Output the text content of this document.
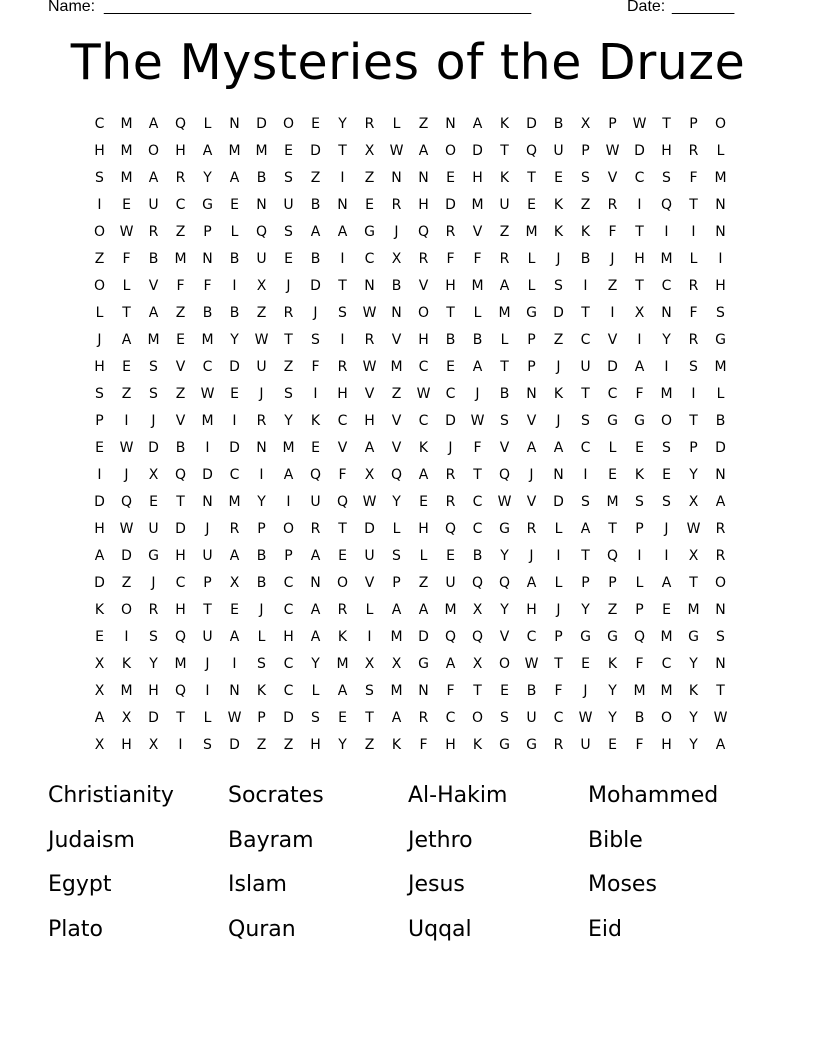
Name: ________________________________________________	Date: _______
The Mysteries of the Druze
C	M	A	Q	L	N	D	O	E	Y	R	L	Z	N	A	K	D	B	X	P	W	T	P	O
H	M	O	H	A	M	M	E	D	T	X	W	A	O	D	T	Q	U	P	W	D	H	R	L
S	M	A	R	Y	A	B	S	Z	I	Z	N	N	E	H	K	T	E	S	V	C	S	F	M
I	E	U	C	G	E	N	U	B	N	E	R	H	D	M	U	E	K	Z	R	I	Q	T	N
O	W	R	Z	P	L	Q	S	A	A	G	J	Q	R	V	Z	M	K	K	F	T	I	I	N
Z	F	B	M	N	B	U	E	B	I	C	X	R	F	F	R	L	J	B	J	H	M	L	I
O	L	V	F	F	I	X	J	D	T	N	B	V	H	M	A	L	S	I	Z	T	C	R	H
L	T	A	Z	B	B	Z	R	J	S	W	N	O	T	L	M	G	D	T	I	X	N	F	S
J	A	M	E	M	Y	W	T	S	I	R	V	H	B	B	L	P	Z	C	V	I	Y	R	G
H	E	S	V	C	D	U	Z	F	R	W	M	C	E	A	T	P	J	U	D	A	I	S	M
S	Z	S	Z	W	E	J	S	I	H	V	Z	W	C	J	B	N	K	T	C	F	M	I	L
P	I	J	V	M	I	R	Y	K	C	H	V	C	D	W	S	V	J	S	G	G	O	T	B
E	W	D	B	I	D	N	M	E	V	A	V	K	J	F	V	A	A	C	L	E	S	P	D
I	J	X	Q	D	C	I	A	Q	F	X	Q	A	R	T	Q	J	N	I	E	K	E	Y	N
D	Q	E	T	N	M	Y	I	U	Q	W	Y	E	R	C	W	V	D	S	M	S	S	X	A
H	W	U	D	J	R	P	O	R	T	D	L	H	Q	C	G	R	L	A	T	P	J	W	R
A	D	G	H	U	A	B	P	A	E	U	S	L	E	B	Y	J	I	T	Q	I	I	X	R
D	Z	J	C	P	X	B	C	N	O	V	P	Z	U	Q	Q	A	L	P	P	L	A	T	O
K	O	R	H	T	E	J	C	A	R	L	A	A	M	X	Y	H	J	Y	Z	P	E	M	N
E	I	S	Q	U	A	L	H	A	K	I	M	D	Q	Q	V	C	P	G	G	Q	M	G	S
X	K	Y	M	J	I	S	C	Y	M	X	X	G	A	X	O	W	T	E	K	F	C	Y	N
X	M	H	Q	I	N	K	C	L	A	S	M	N	F	T	E	B	F	J	Y	M	M	K	T
A	X	D	T	L	W	P	D	S	E	T	A	R	C	O	S	U	C	W	Y	B	O	Y	W
X	H	X	I	S	D	Z	Z	H	Y	Z	K	F	H	K	G	G	R	U	E	F	H	Y	A
Christianity	Socrates	Al-Hakim	Mohammed
Judaism	Bayram	Jethro	Bible
Egypt	Islam	Jesus	Moses
Plato	Quran	Uqqal	Eid
